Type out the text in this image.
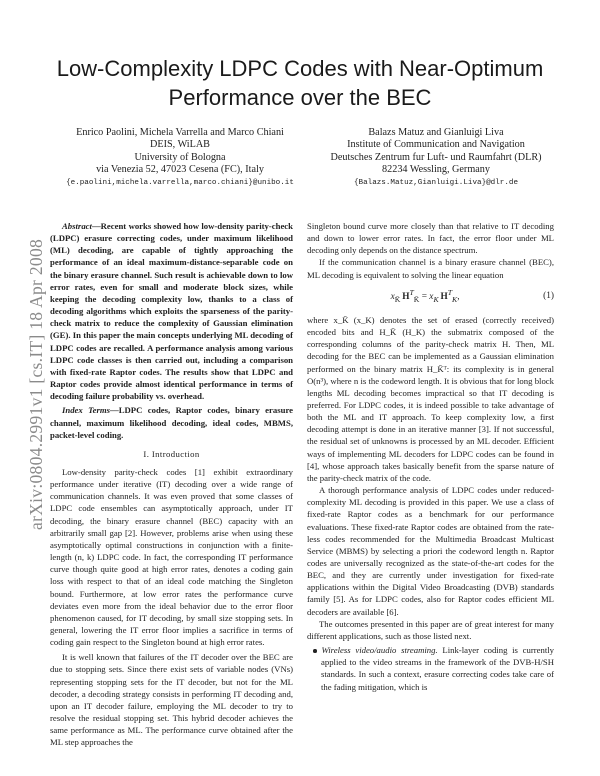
arXiv:0804.2991v1 [cs.IT] 18 Apr 2008
Low-Complexity LDPC Codes with Near-Optimum
Performance over the BEC
Enrico Paolini, Michela Varrella and Marco Chiani
DEIS, WiLAB
University of Bologna
via Venezia 52, 47023 Cesena (FC), Italy
{e.paolini,michela.varrella,marco.chiani}@unibo.it
Balazs Matuz and Gianluigi Liva
Institute of Communication and Navigation
Deutsches Zentrum fur Luft- und Raumfahrt (DLR)
82234 Wessling, Germany
{Balazs.Matuz,Gianluigi.Liva}@dlr.de

Abstract—Recent works showed how low-density parity-check (LDPC) erasure correcting codes, under maximum likelihood (ML) decoding, are capable of tightly approaching the performance of an ideal maximum-distance-separable code on the binary erasure channel. Such result is achievable down to low error rates, even for small and moderate block sizes, while keeping the decoding complexity low, thanks to a class of decoding algorithms which exploits the sparseness of the parity-check matrix to reduce the complexity of Gaussian elimination (GE). In this paper the main concepts underlying ML decoding of LDPC codes are recalled. A performance analysis among various LDPC code classes is then carried out, including a comparison with fixed-rate Raptor codes. The results show that LDPC and Raptor codes provide almost identical performance in terms of decoding failure probability vs. overhead.

Index Terms—LDPC codes, Raptor codes, binary erasure channel, maximum likelihood decoding, ideal codes, MBMS, packet-level coding.

I. Introduction

Low-density parity-check codes [1] exhibit extraordinary performance under iterative (IT) decoding over a wide range of communication channels. It was even proved that some classes of LDPC code ensembles can asymptotically approach, under IT decoding, the binary erasure channel (BEC) capacity with an arbitrarily small gap [2]. However, problems arise when using these asymptotically optimal constructions in conjunction with a finite-length (n, k) LDPC code. In fact, the corresponding IT performance curve though quite good at high error rates, denotes a coding gain loss with respect to that of an ideal code matching the Singleton bound. Furthermore, at low error rates the performance curve deviates even more from the ideal behavior due to the error floor phenomenon caused, for IT decoding, by small size stopping sets. In general, lowering the IT error floor implies a sacrifice in terms of coding gain respect to the Singleton bound at high error rates.

It is well known that failures of the IT decoder over the BEC are due to stopping sets. Since there exist sets of variable nodes (VNs) representing stopping sets for the IT decoder, but not for the ML decoder, a decoding strategy consists in performing IT decoding and, upon an IT decoder failure, employing the ML decoder to try to resolve the residual stopping set. This hybrid decoder achieves the same performance as ML. The performance curve obtained after the ML step approaches the

Singleton bound curve more closely than that relative to IT decoding and down to lower error rates. In fact, the error floor under ML decoding only depends on the distance spectrum.

If the communication channel is a binary erasure channel (BEC), ML decoding is equivalent to solving the linear equation

$x_{K̄}$  $H^T_{K̄} = x_K$  $H^T_K$,	(1)

where x_K̄ (x_K) denotes the set of erased (correctly received) encoded bits and H_K̄ (H_K) the submatrix composed of the corresponding columns of the parity-check matrix H. Then, ML decoding for the BEC can be implemented as a Gaussian elimination performed on the binary matrix H_K̄ᵀ: its complexity is in general O(n³), where n is the codeword length. It is obvious that for long block lengths ML decoding becomes impractical so that IT decoding is preferred. For LDPC codes, it is indeed possible to take advantage of both the ML and IT approach. To keep complexity low, a first decoding attempt is done in an iterative manner [3]. If not successful, the residual set of unknowns is processed by an ML decoder. Efficient ways of implementing ML decoders for LDPC codes can be found in [4], whose approach takes basically benefit from the sparse nature of the parity-check matrix of the code.

A thorough performance analysis of LDPC codes under reduced-complexity ML decoding is provided in this paper. We use a class of fixed-rate Raptor codes as a benchmark for our performance evaluations. These fixed-rate Raptor codes are obtained from the rate-less codes recommended for the Multimedia Broadcast Multicast Service (MBMS) by selecting a priori the codeword length n. Raptor codes are universally recognized as the state-of-the-art codes for the BEC, and they are currently under investigation for fixed-rate applications within the Digital Video Broadcasting (DVB) standards family [5]. As for LDPC codes, also for Raptor codes efficient ML decoders are available [6].

The outcomes presented in this paper are of great interest for many different applications, such as those listed next.

Wireless video/audio streaming. Link-layer coding is currently applied to the video streams in the framework of the DVB-H/SH standards. In such a context, erasure correcting codes take care of the fading mitigation, which is
